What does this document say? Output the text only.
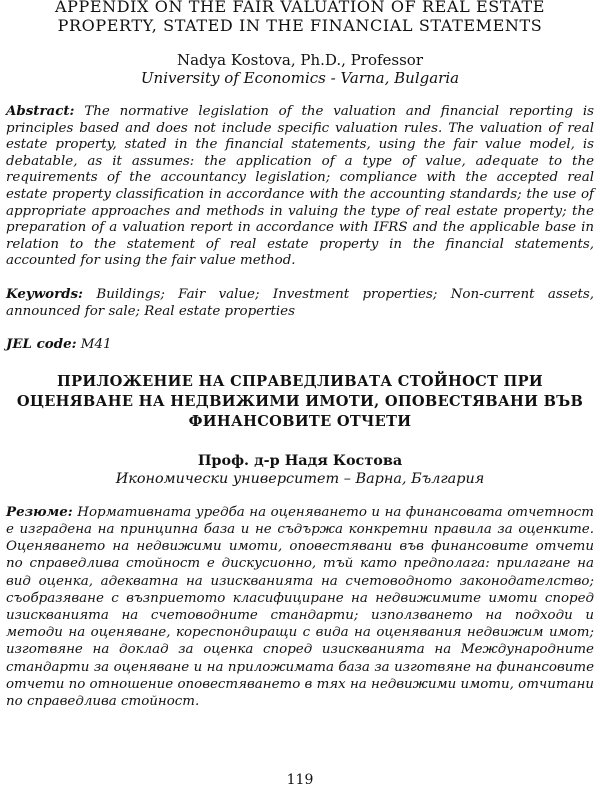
APPENDIX ON THE FAIR VALUATION OF REAL ESTATE PROPERTY, STATED IN THE FINANCIAL STATEMENTS

Nadya Kostova, Ph.D., Professor

University of Economics - Varna, Bulgaria

Abstract: The normative legislation of the valuation and financial reporting is principles based and does not include specific valuation rules. The valuation of real estate property, stated in the financial statements, using the fair value model, is debatable, as it assumes: the application of a type of value, adequate to the requirements of the accountancy legislation; compliance with the accepted real estate property classification in accordance with the accounting standards; the use of appropriate approaches and methods in valuing the type of real estate property; the preparation of a valuation report in accordance with IFRS and the applicable base in relation to the statement of real estate property in the financial statements, accounted for using the fair value method.

Keywords: Buildings; Fair value; Investment properties; Non-current assets, announced for sale; Real estate properties

JEL code: M41

ПРИЛОЖЕНИЕ НА СПРАВЕДЛИВАТА СТОЙНОСТ ПРИ ОЦЕНЯВАНЕ НА НЕДВИЖИМИ ИМОТИ, ОПОВЕСТЯВАНИ ВЪВ ФИНАНСОВИТЕ ОТЧЕТИ

Проф. д-р Надя Костова

Икономически университет – Варна, България

Резюме: Нормативната уредба на оценяването и на финансовата отчетност е изградена на принципна база и не съдържа конкретни правила за оценките. Оценяването на недвижими имоти, оповестявани във финансовите отчети по справедлива стойност е дискусионно, тъй като предполага: прилагане на вид оценка, адекватна на изискванията на счетоводното законодателство; съобразяване с възприетото класифициране на недвижимите имоти според изискванията на счетоводните стандарти; използването на подходи и методи на оценяване, кореспондиращи с вида на оценявания недвижим имот; изготвяне на доклад за оценка според изискванията на Международните стандарти за оценяване и на приложимата база за изготвяне на финансовите отчети по отношение оповестяването в тях на недвижими имоти, отчитани по справедлива стойност.

119
